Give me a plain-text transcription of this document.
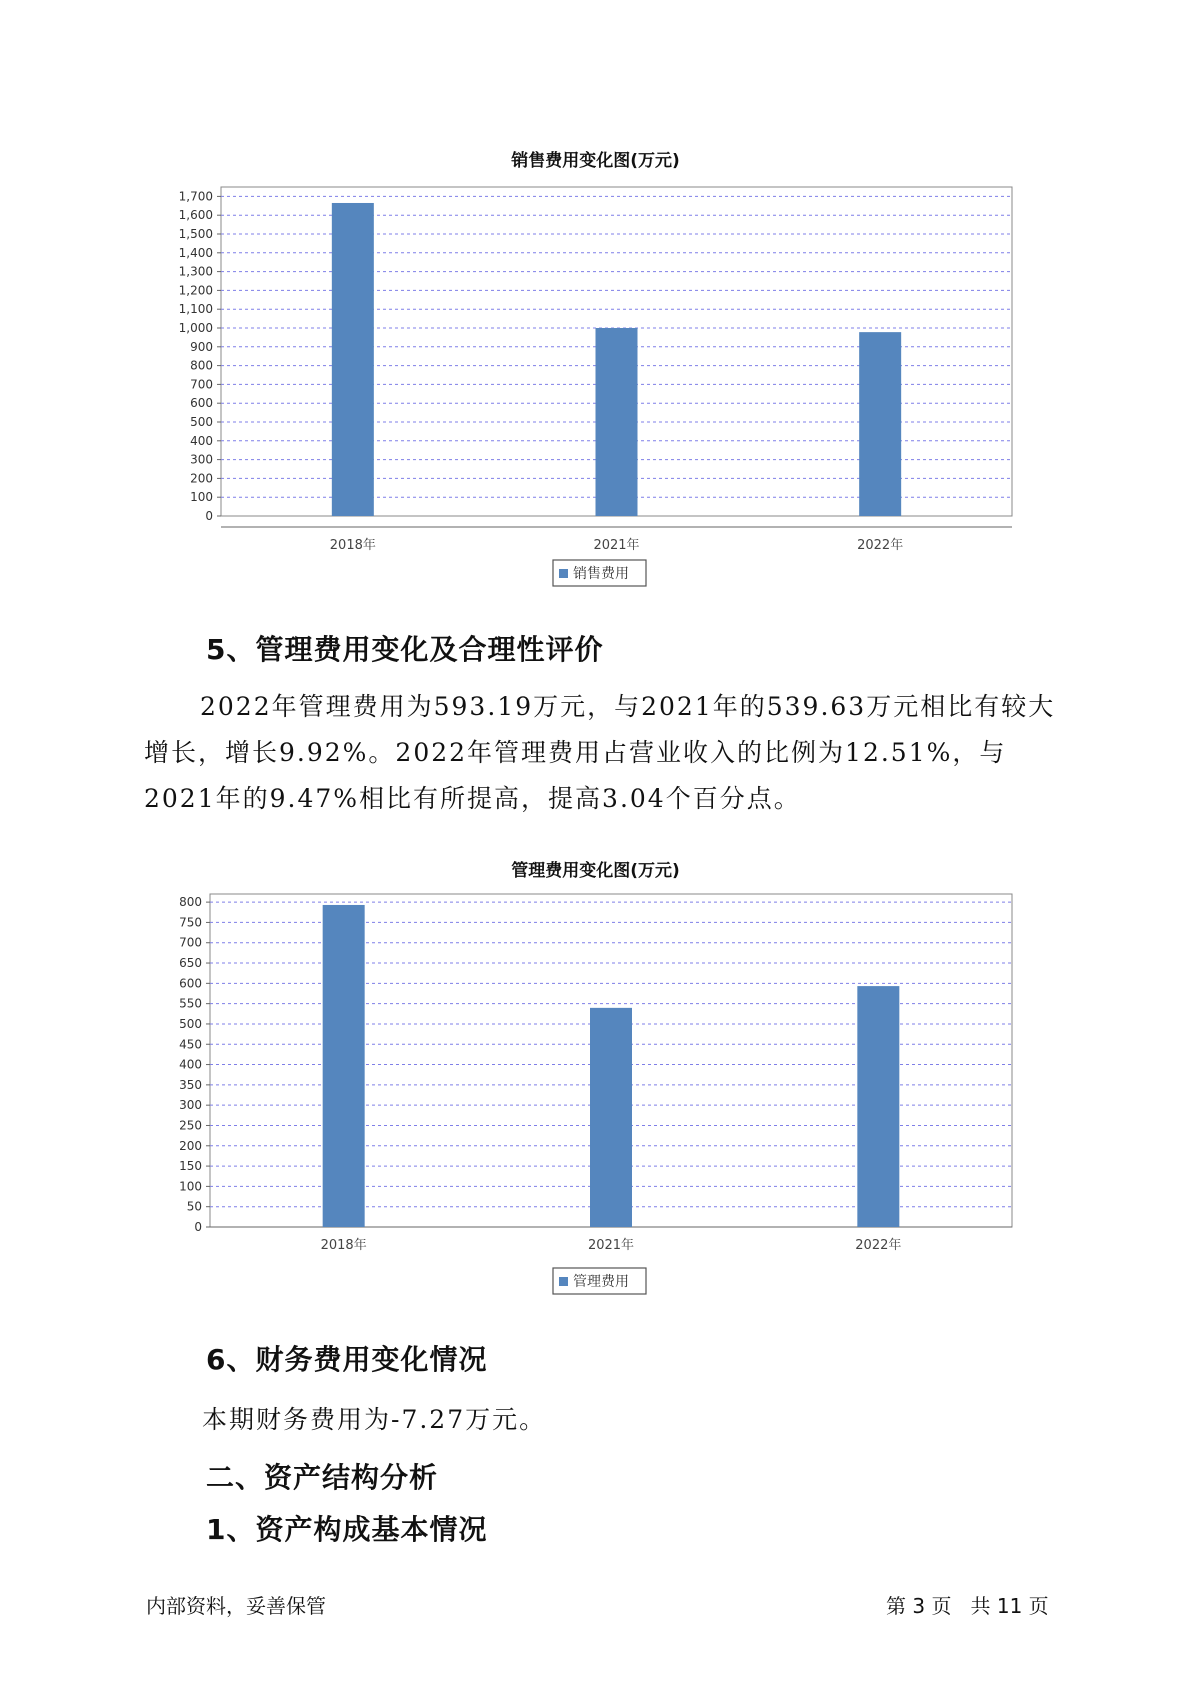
销售费用变化图(万元)
0
100
200
300
400
500
600
700
800
900
1,000
1,100
1,200
1,300
1,400
1,500
1,600
1,700
2018年	2021年	2022年
销售费用
5、管理费用变化及合理性评价
2022年管理费用为593.19万元，与2021年的539.63万元相比有较大增长，增长9.92%。2022年管理费用占营业收入的比例为12.51%，与2021年的9.47%相比有所提高，提高3.04个百分点。
管理费用变化图(万元)
0
50
100
150
200
250
300
350
400
450
500
550
600
650
700
750
800
2018年	2021年	2022年
管理费用
6、财务费用变化情况
本期财务费用为-7.27万元。
二、资产结构分析
1、资产构成基本情况
内部资料，妥善保管	第 3 页   共 11 页
